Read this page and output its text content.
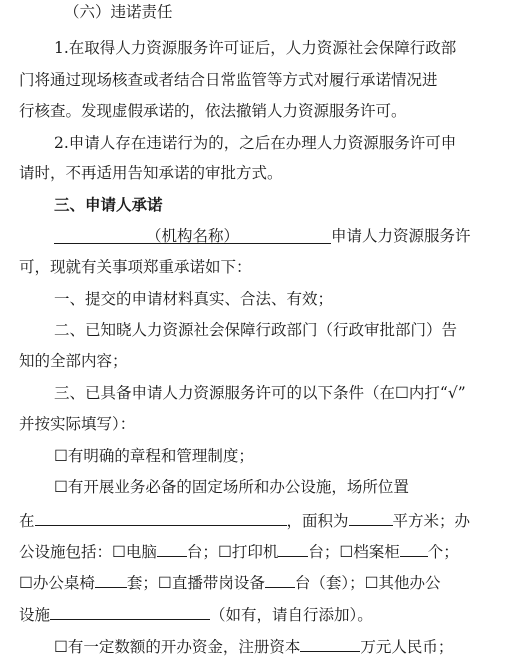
（六）违诺责任
1.在取得人力资源服务许可证后，人力资源社会保障行政部
门将通过现场核查或者结合日常监管等方式对履行承诺情况进
行核查。发现虚假承诺的，依法撤销人力资源服务许可。
2.申请人存在违诺行为的，之后在办理人力资源服务许可申
请时，不再适用告知承诺的审批方式。
三、申请人承诺
（机构名称）	申请人力资源服务许
可，现就有关事项郑重承诺如下：
一、提交的申请材料真实、合法、有效；
二、已知晓人力资源社会保障行政部门（行政审批部门）告
知的全部内容；
三、已具备申请人力资源服务许可的以下条件（在☐内打“√”
并按实际填写）：
☐有明确的章程和管理制度；
☐有开展业务必备的固定场所和办公设施，场所位置
在	，面积为	平方米；办
公设施包括：☐电脑 台；☐打印机 台；☐档案柜 个；
☐办公桌椅 套；☐直播带岗设备 台（套）；☐其他办公
设施	（如有，请自行添加）。
☐有一定数额的开办资金，注册资本	万元人民币；
